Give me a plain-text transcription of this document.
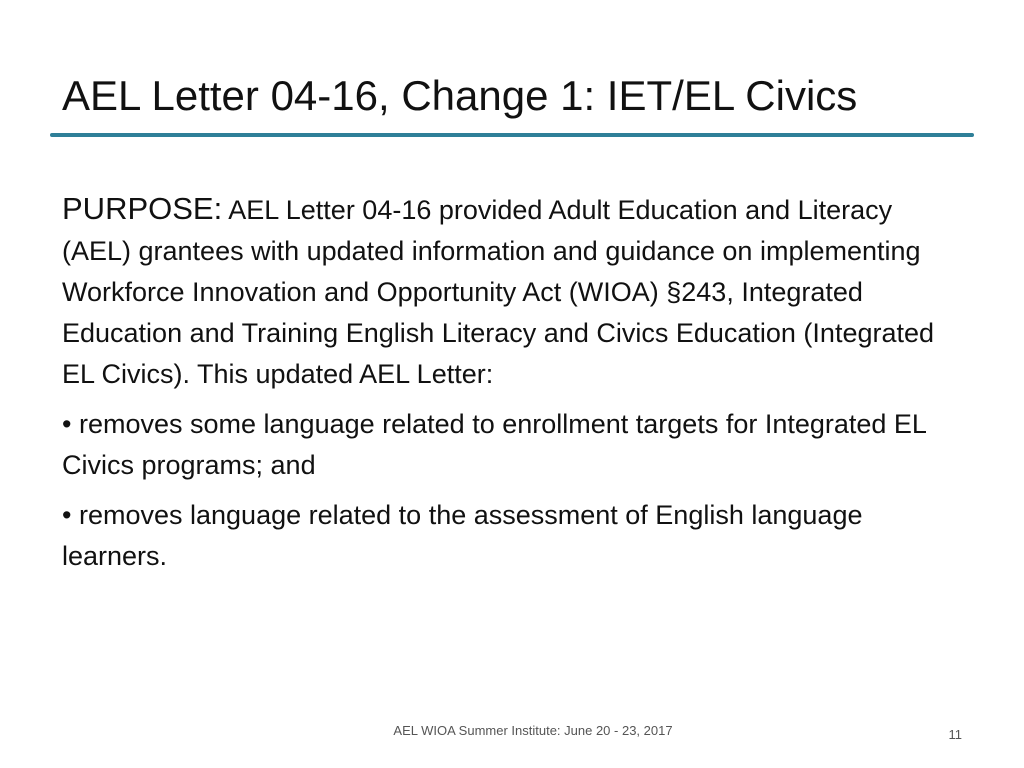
AEL Letter 04-16, Change 1: IET/EL Civics

PURPOSE: AEL Letter 04-16 provided Adult Education and Literacy (AEL) grantees with updated information and guidance on implementing Workforce Innovation and Opportunity Act (WIOA) §243, Integrated Education and Training English Literacy and Civics Education (Integrated EL Civics). This updated AEL Letter:

• removes some language related to enrollment targets for Integrated EL Civics programs; and

• removes language related to the assessment of English language learners.

AEL WIOA Summer Institute: June 20 - 23, 2017	11
